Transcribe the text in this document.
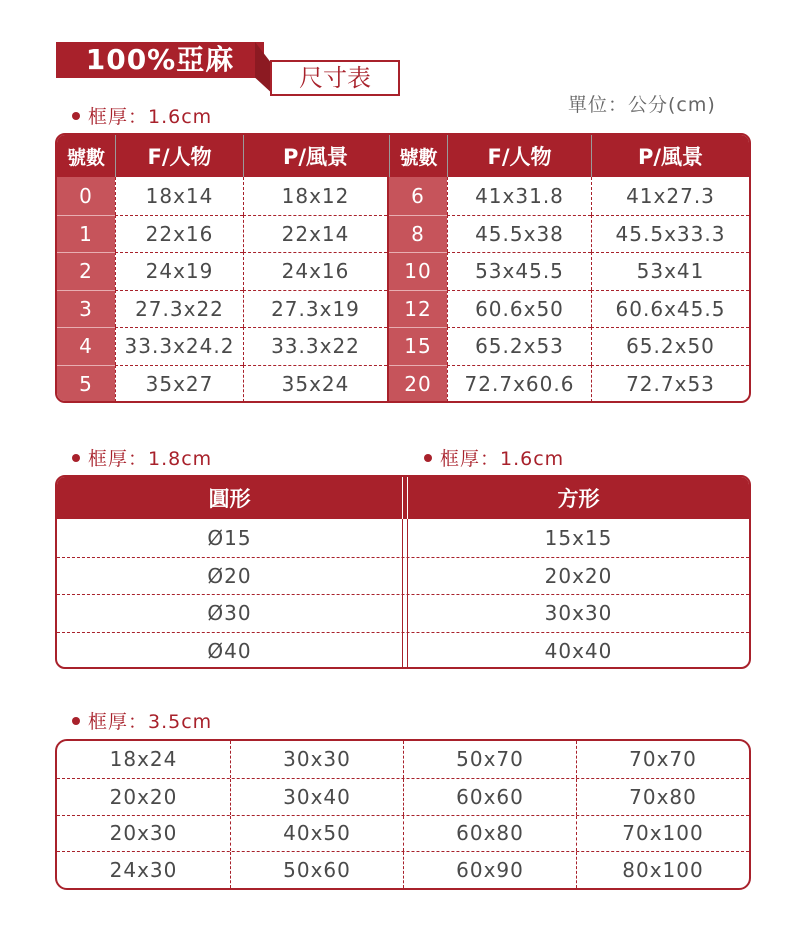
100%亞麻
尺寸表
單位：公分(cm)
框厚：1.6cm
號數	F/人物	P/風景	號數	F/人物	P/風景
0	18x14	18x12	6	41x31.8	41x27.3
1	22x16	22x14	8	45.5x38	45.5x33.3
2	24x19	24x16	10	53x45.5	53x41
3	27.3x22	27.3x19	12	60.6x50	60.6x45.5
4	33.3x24.2	33.3x22	15	65.2x53	65.2x50
5	35x27	35x24	20	72.7x60.6	72.7x53
框厚：1.8cm	框厚：1.6cm
圓形	方形
Ø15	15x15
Ø20	20x20
Ø30	30x30
Ø40	40x40
框厚：3.5cm
18x24	30x30	50x70	70x70
20x20	30x40	60x60	70x80
20x30	40x50	60x80	70x100
24x30	50x60	60x90	80x100
